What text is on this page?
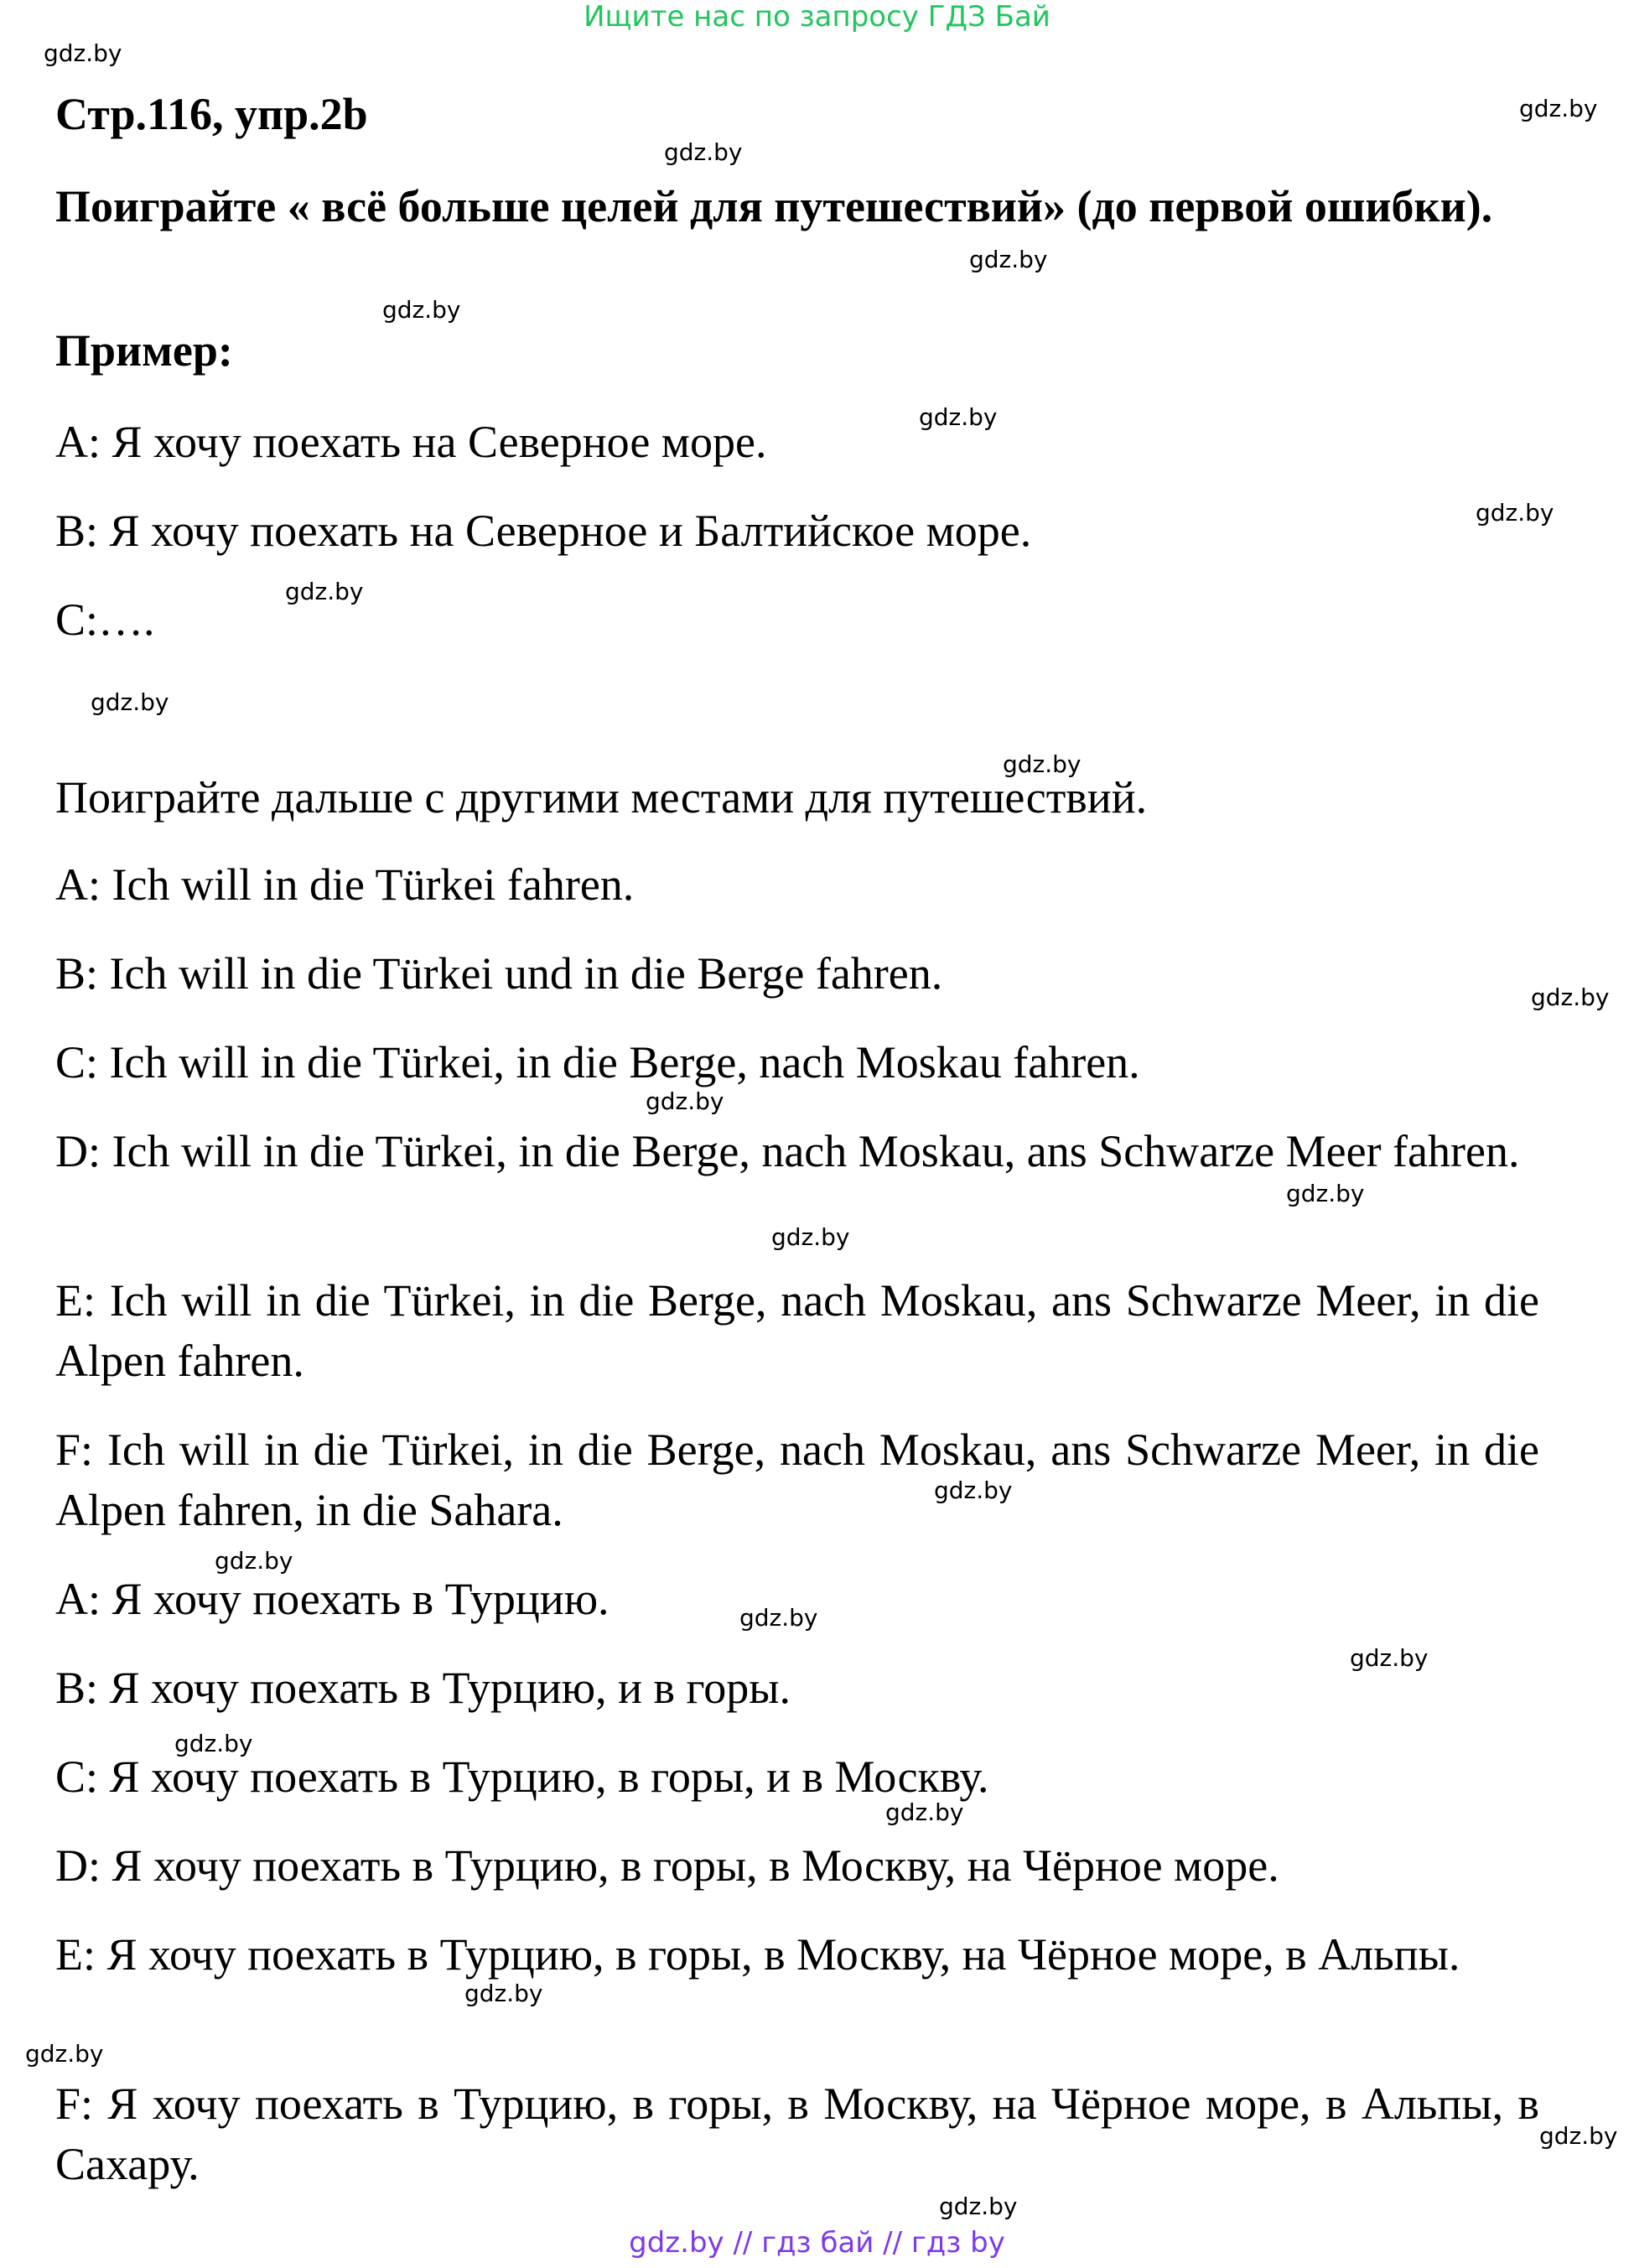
Ищите нас по запросу ГДЗ Бай
gdz.by
gdz.by
gdz.by
gdz.by
gdz.by
gdz.by
gdz.by
gdz.by
gdz.by
gdz.by
gdz.by
gdz.by
gdz.by
gdz.by
gdz.by
gdz.by
gdz.by
gdz.by
gdz.by
gdz.by
gdz.by
gdz.by
gdz.by
gdz.by
Стр.116, упр.2b
Поиграйте « всё больше целей для путешествий» (до первой ошибки).
Пример:
A: Я хочу поехать на Северное море.
B: Я хочу поехать на Северное и Балтийское море.
C:….
Поиграйте дальше с другими местами для путешествий.
A: Ich will in die Türkei fahren.
B: Ich will in die Türkei und in die Berge fahren.
C: Ich will in die Türkei, in die Berge, nach Moskau fahren.
D: Ich will in die Türkei, in die Berge, nach Moskau, ans Schwarze Meer fahren.
E: Ich will in die Türkei, in die Berge, nach Moskau, ans Schwarze Meer, in die Alpen fahren.
F: Ich will in die Türkei, in die Berge, nach Moskau, ans Schwarze Meer, in die Alpen fahren, in die Sahara.
A: Я хочу поехать в Турцию.
B: Я хочу поехать в Турцию, и в горы.
C: Я хочу поехать в Турцию, в горы, и в Москву.
D: Я хочу поехать в Турцию, в горы, в Москву, на Чёрное море.
E: Я хочу поехать в Турцию, в горы, в Москву, на Чёрное море, в Альпы.
F: Я хочу поехать в Турцию, в горы, в Москву, на Чёрное море, в Альпы, в Сахару.
gdz.by // гдз бай // гдз by
